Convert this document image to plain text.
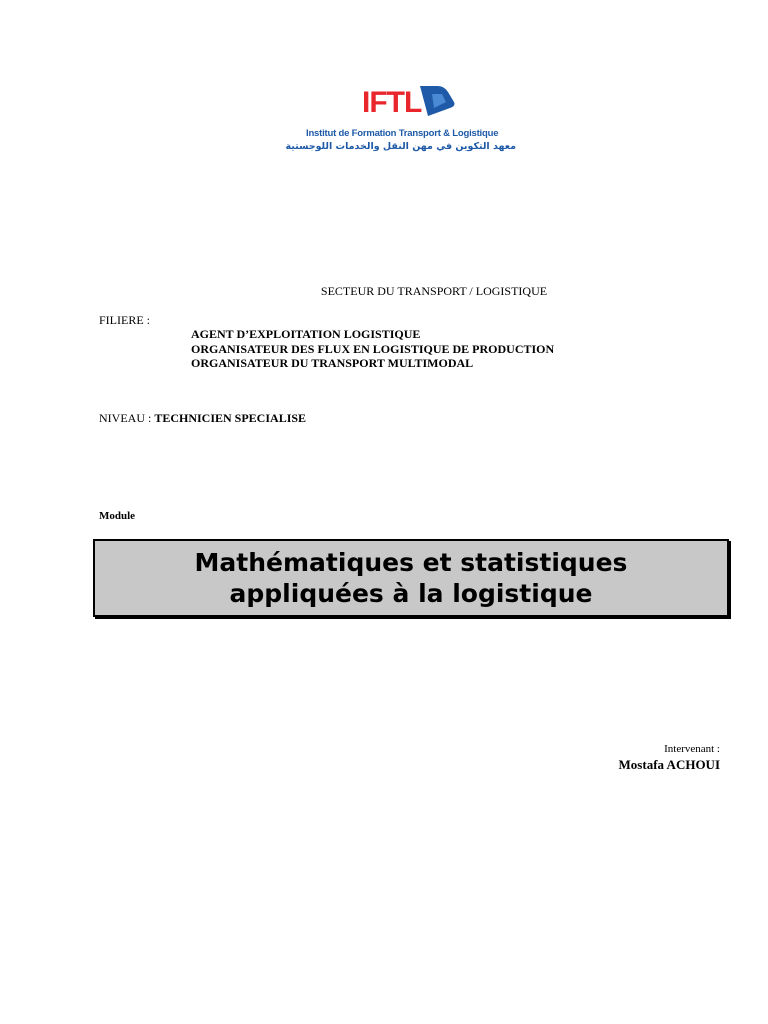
IFTL
Institut de Formation Transport & Logistique
معهد التكوين في مهن النقل والخدمات اللوجستية
SECTEUR DU TRANSPORT / LOGISTIQUE
FILIERE :
AGENT D’EXPLOITATION LOGISTIQUE
ORGANISATEUR DES FLUX EN LOGISTIQUE DE PRODUCTION
ORGANISATEUR DU TRANSPORT MULTIMODAL
NIVEAU : TECHNICIEN SPECIALISE
Module
Mathématiques et statistiques
appliquées à la logistique
Intervenant :
Mostafa ACHOUI
